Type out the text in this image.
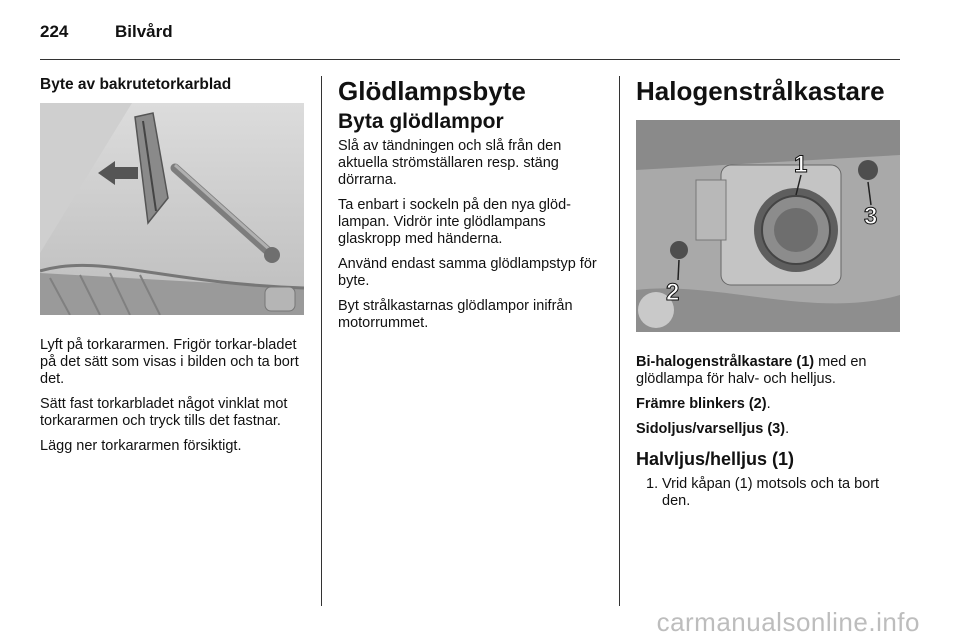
224	Bilvård
Byte av bakrutetorkarblad

Lyft på torkararmen. Frigör torkar-bladet på det sätt som visas i bilden och ta bort det.

Sätt fast torkarbladet något vinklat mot torkararmen och tryck tills det fastnar.

Lägg ner torkararmen försiktigt.

Glödlampsbyte
Byta glödlampor

Slå av tändningen och slå från den aktuella strömställaren resp. stäng dörrarna.

Ta enbart i sockeln på den nya glöd-lampan. Vidrör inte glödlampans glaskropp med händerna.

Använd endast samma glödlampstyp för byte.

Byt strålkastarnas glödlampor inifrån motorrummet.

Halogenstrålkastare
1
2
3

Bi-halogenstrålkastare (1) med en glödlampa för halv- och helljus.

Främre blinkers (2).

Sidoljus/varselljus (3).

Halvljus/helljus (1)
1. Vrid kåpan (1) motsols och ta bort den.
carmanualsonline.info
